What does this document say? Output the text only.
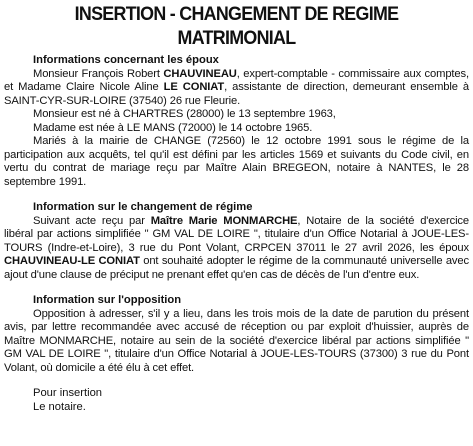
INSERTION - CHANGEMENT DE REGIME MATRIMONIAL
Informations concernant les époux

Monsieur François Robert CHAUVINEAU, expert-comptable - commissaire aux comptes, et Madame Claire Nicole Aline LE CONIAT, assistante de direction, demeurant ensemble à SAINT-CYR-SUR-LOIRE (37540) 26 rue Fleurie.

Monsieur est né à CHARTRES (28000) le 13 septembre 1963,

Madame est née à LE MANS (72000) le 14 octobre 1965.

Mariés à la mairie de CHANGE (72560) le 12 octobre 1991 sous le régime de la participation aux acquêts, tel qu'il est défini par les articles 1569 et suivants du Code civil, en vertu du contrat de mariage reçu par Maître Alain BREGEON, notaire à NANTES, le 28 septembre 1991.

Information sur le changement de régime

Suivant acte reçu par Maître Marie MONMARCHE, Notaire de la société d'exercice libéral par actions simplifiée " GM VAL DE LOIRE ", titulaire d'un Office Notarial à JOUE-LES-TOURS (Indre-et-Loire), 3 rue du Pont Volant, CRPCEN 37011 le 27 avril 2026, les époux CHAUVINEAU-LE CONIAT ont souhaité adopter le régime de la communauté universelle avec ajout d'une clause de préciput ne prenant effet qu'en cas de décès de l'un d'entre eux.

Information sur l'opposition

Opposition à adresser, s'il y a lieu, dans les trois mois de la date de parution du présent avis, par lettre recommandée avec accusé de réception ou par exploit d'huissier, auprès de Maître MONMARCHE, notaire au sein de la société d'exercice libéral par actions simplifiée " GM VAL DE LOIRE ", titulaire d'un Office Notarial à JOUE-LES-TOURS (37300) 3 rue du Pont Volant, où domicile a été élu à cet effet.

Pour insertion
Le notaire.
